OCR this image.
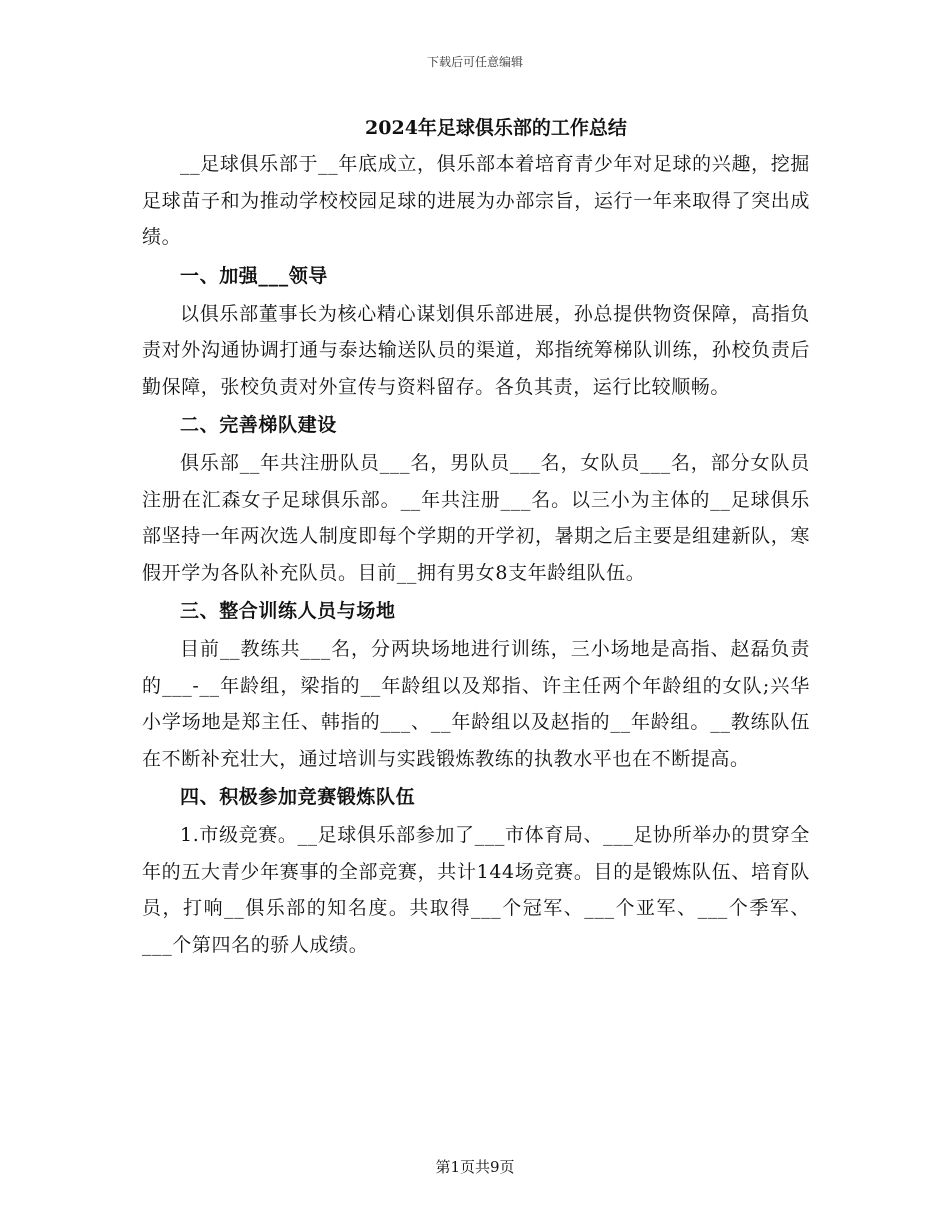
下载后可任意编辑
2024年足球俱乐部的工作总结

__足球俱乐部于__年底成立，俱乐部本着培育青少年对足球的兴趣，挖掘足球苗子和为推动学校校园足球的进展为办部宗旨，运行一年来取得了突出成绩。

一、加强___领导

以俱乐部董事长为核心精心谋划俱乐部进展，孙总提供物资保障，高指负责对外沟通协调打通与泰达输送队员的渠道，郑指统筹梯队训练，孙校负责后勤保障，张校负责对外宣传与资料留存。各负其责，运行比较顺畅。

二、完善梯队建设

俱乐部__年共注册队员___名，男队员___名，女队员___名，部分女队员注册在汇森女子足球俱乐部。__年共注册___名。以三小为主体的__足球俱乐部坚持一年两次选人制度即每个学期的开学初，暑期之后主要是组建新队，寒假开学为各队补充队员。目前__拥有男女8支年龄组队伍。

三、整合训练人员与场地

目前__教练共___名，分两块场地进行训练，三小场地是高指、赵磊负责的___-__年龄组，梁指的__年龄组以及郑指、许主任两个年龄组的女队;兴华小学场地是郑主任、韩指的___、__年龄组以及赵指的__年龄组。__教练队伍在不断补充壮大，通过培训与实践锻炼教练的执教水平也在不断提高。

四、积极参加竞赛锻炼队伍

1.市级竞赛。__足球俱乐部参加了___市体育局、___足协所举办的贯穿全年的五大青少年赛事的全部竞赛，共计144场竞赛。目的是锻炼队伍、培育队员，打响__俱乐部的知名度。共取得___个冠军、___个亚军、___个季军、___个第四名的骄人成绩。

第1页共9页
